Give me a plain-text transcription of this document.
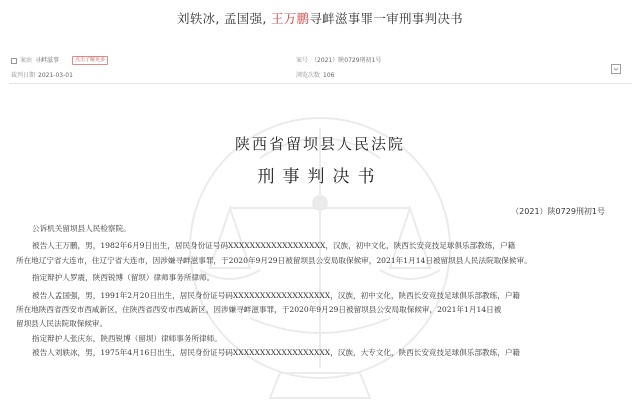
刘轶冰, 孟国强, 王万鹏寻衅滋事罪一审刑事判决书
案由 寻衅滋事	点击了解更多	案号 （2021）陕0729刑初1号
裁判日期 2021-03-01	浏览次数 106
陕西省留坝县人民法院
刑事判决书
（2021）陕0729刑初1号

公诉机关留坝县人民检察院。

被告人王万鹏，男，1982年6月9日出生，居民身份证号码XXXXXXXXXXXXXXXXXX，汉族，初中文化，陕西长安竞技足球俱乐部教练，户籍

所在地辽宁省大连市，住辽宁省大连市，因涉嫌寻衅滋事罪，于2020年9月29日被留坝县公安局取保候审，2021年1月14日被留坝县人民法院取保候审。

指定辩护人罗震，陕西锐博（留坝）律师事务所律师。

被告人孟国强，男，1991年2月20日出生，居民身份证号码XXXXXXXXXXXXXXXXXX，汉族，初中文化，陕西长安竞技足球俱乐部教练，户籍

所在地陕西省西安市西咸新区，住陕西省西安市西咸新区，因涉嫌寻衅滋事罪，于2020年9月29日被留坝县公安局取保候审，2021年1月14日被

留坝县人民法院取保候审。

指定辩护人张庆东，陕西锐博（留坝）律师事务所律师。

被告人刘轶冰，男，1975年4月16日出生，居民身份证号码XXXXXXXXXXXXXXXXXX，汉族，大专文化，陕西长安竞技足球俱乐部教练，户籍
